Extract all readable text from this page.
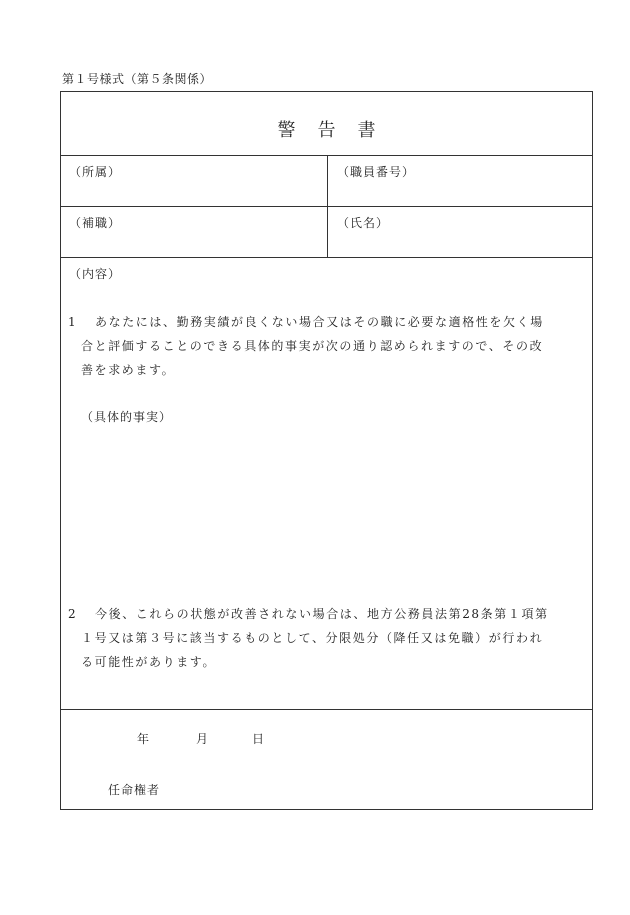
第１号様式（第５条関係）
警告書
（所属）	（職員番号）
（補職）	（氏名）
（内容）
1 あなたには、勤務実績が良くない場合又はその職に必要な適格性を欠く場
合と評価することのできる具体的事実が次の通り認められますので、その改
善を求めます。
（具体的事実）
2 今後、これらの状態が改善されない場合は、地方公務員法第28条第１項第
１号又は第３号に該当するものとして、分限処分（降任又は免職）が行われ
る可能性があります。
年	月	日
任命権者
